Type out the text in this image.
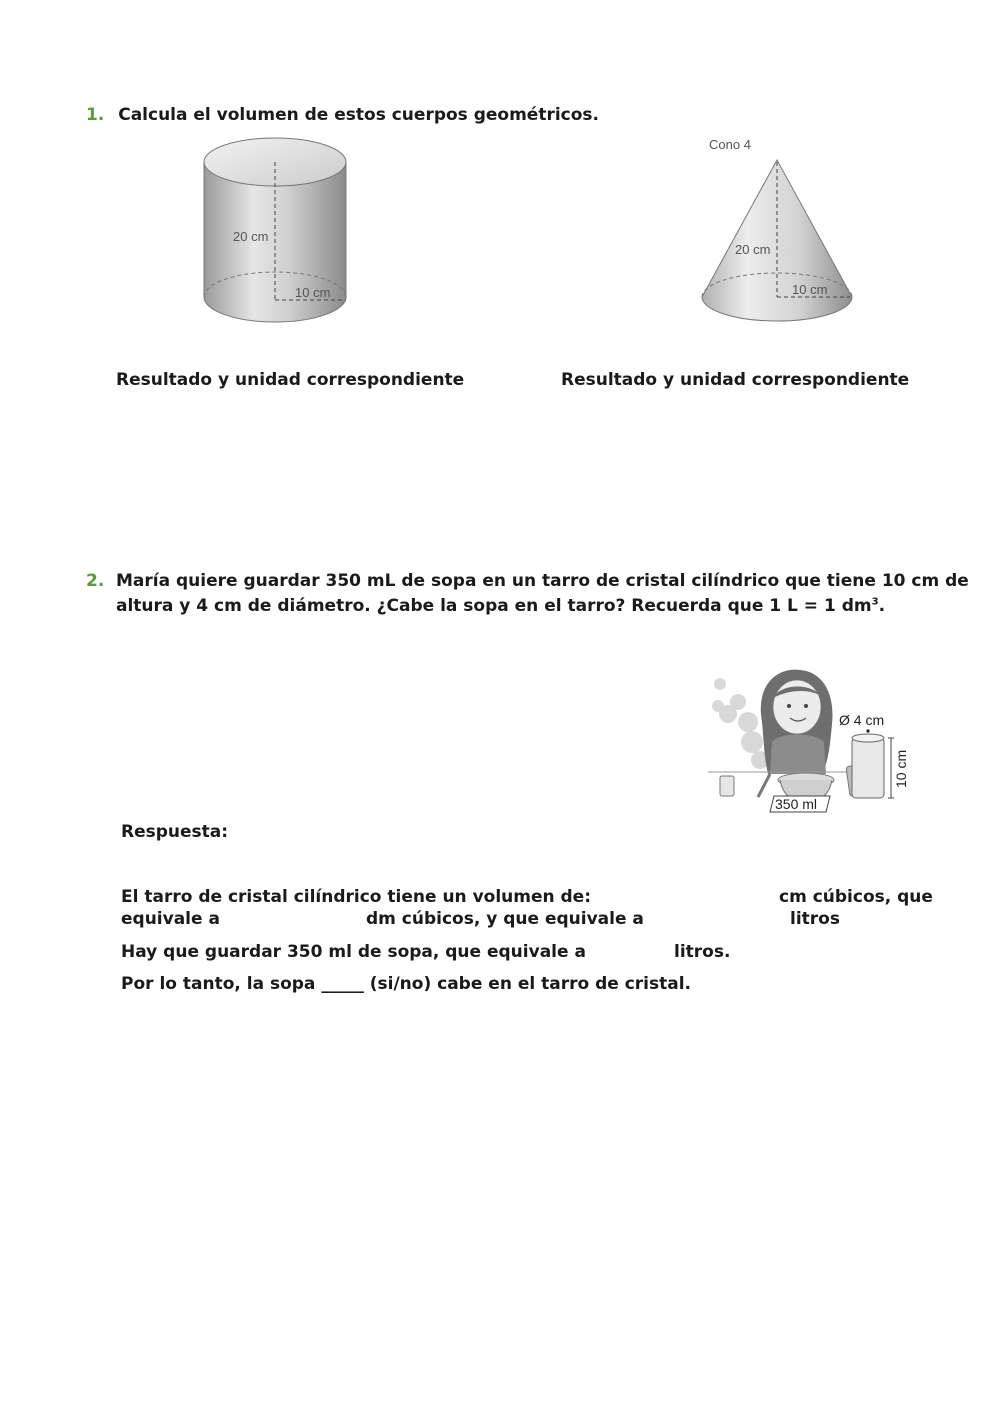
1. Calcula el volumen de estos cuerpos geométricos.
20 cm
10 cm
Cono 4
20 cm
10 cm
Resultado y unidad correspondiente	Resultado y unidad correspondiente
2. María quiere guardar 350 mL de sopa en un tarro de cristal cilíndrico que tiene 10 cm de
altura y 4 cm de diámetro. ¿Cabe la sopa en el tarro? Recuerda que 1 L = 1 $dm^3$.
350 ml
Ø 4 cm
10 cm
Respuesta:
El tarro de cristal cilíndrico tiene un volumen de:	cm cúbicos, que
equivale a	dm cúbicos, y que equivale a	litros
Hay que guardar 350 ml de sopa, que equivale a	litros.
Por lo tanto, la sopa _____ (si/no) cabe en el tarro de cristal.
